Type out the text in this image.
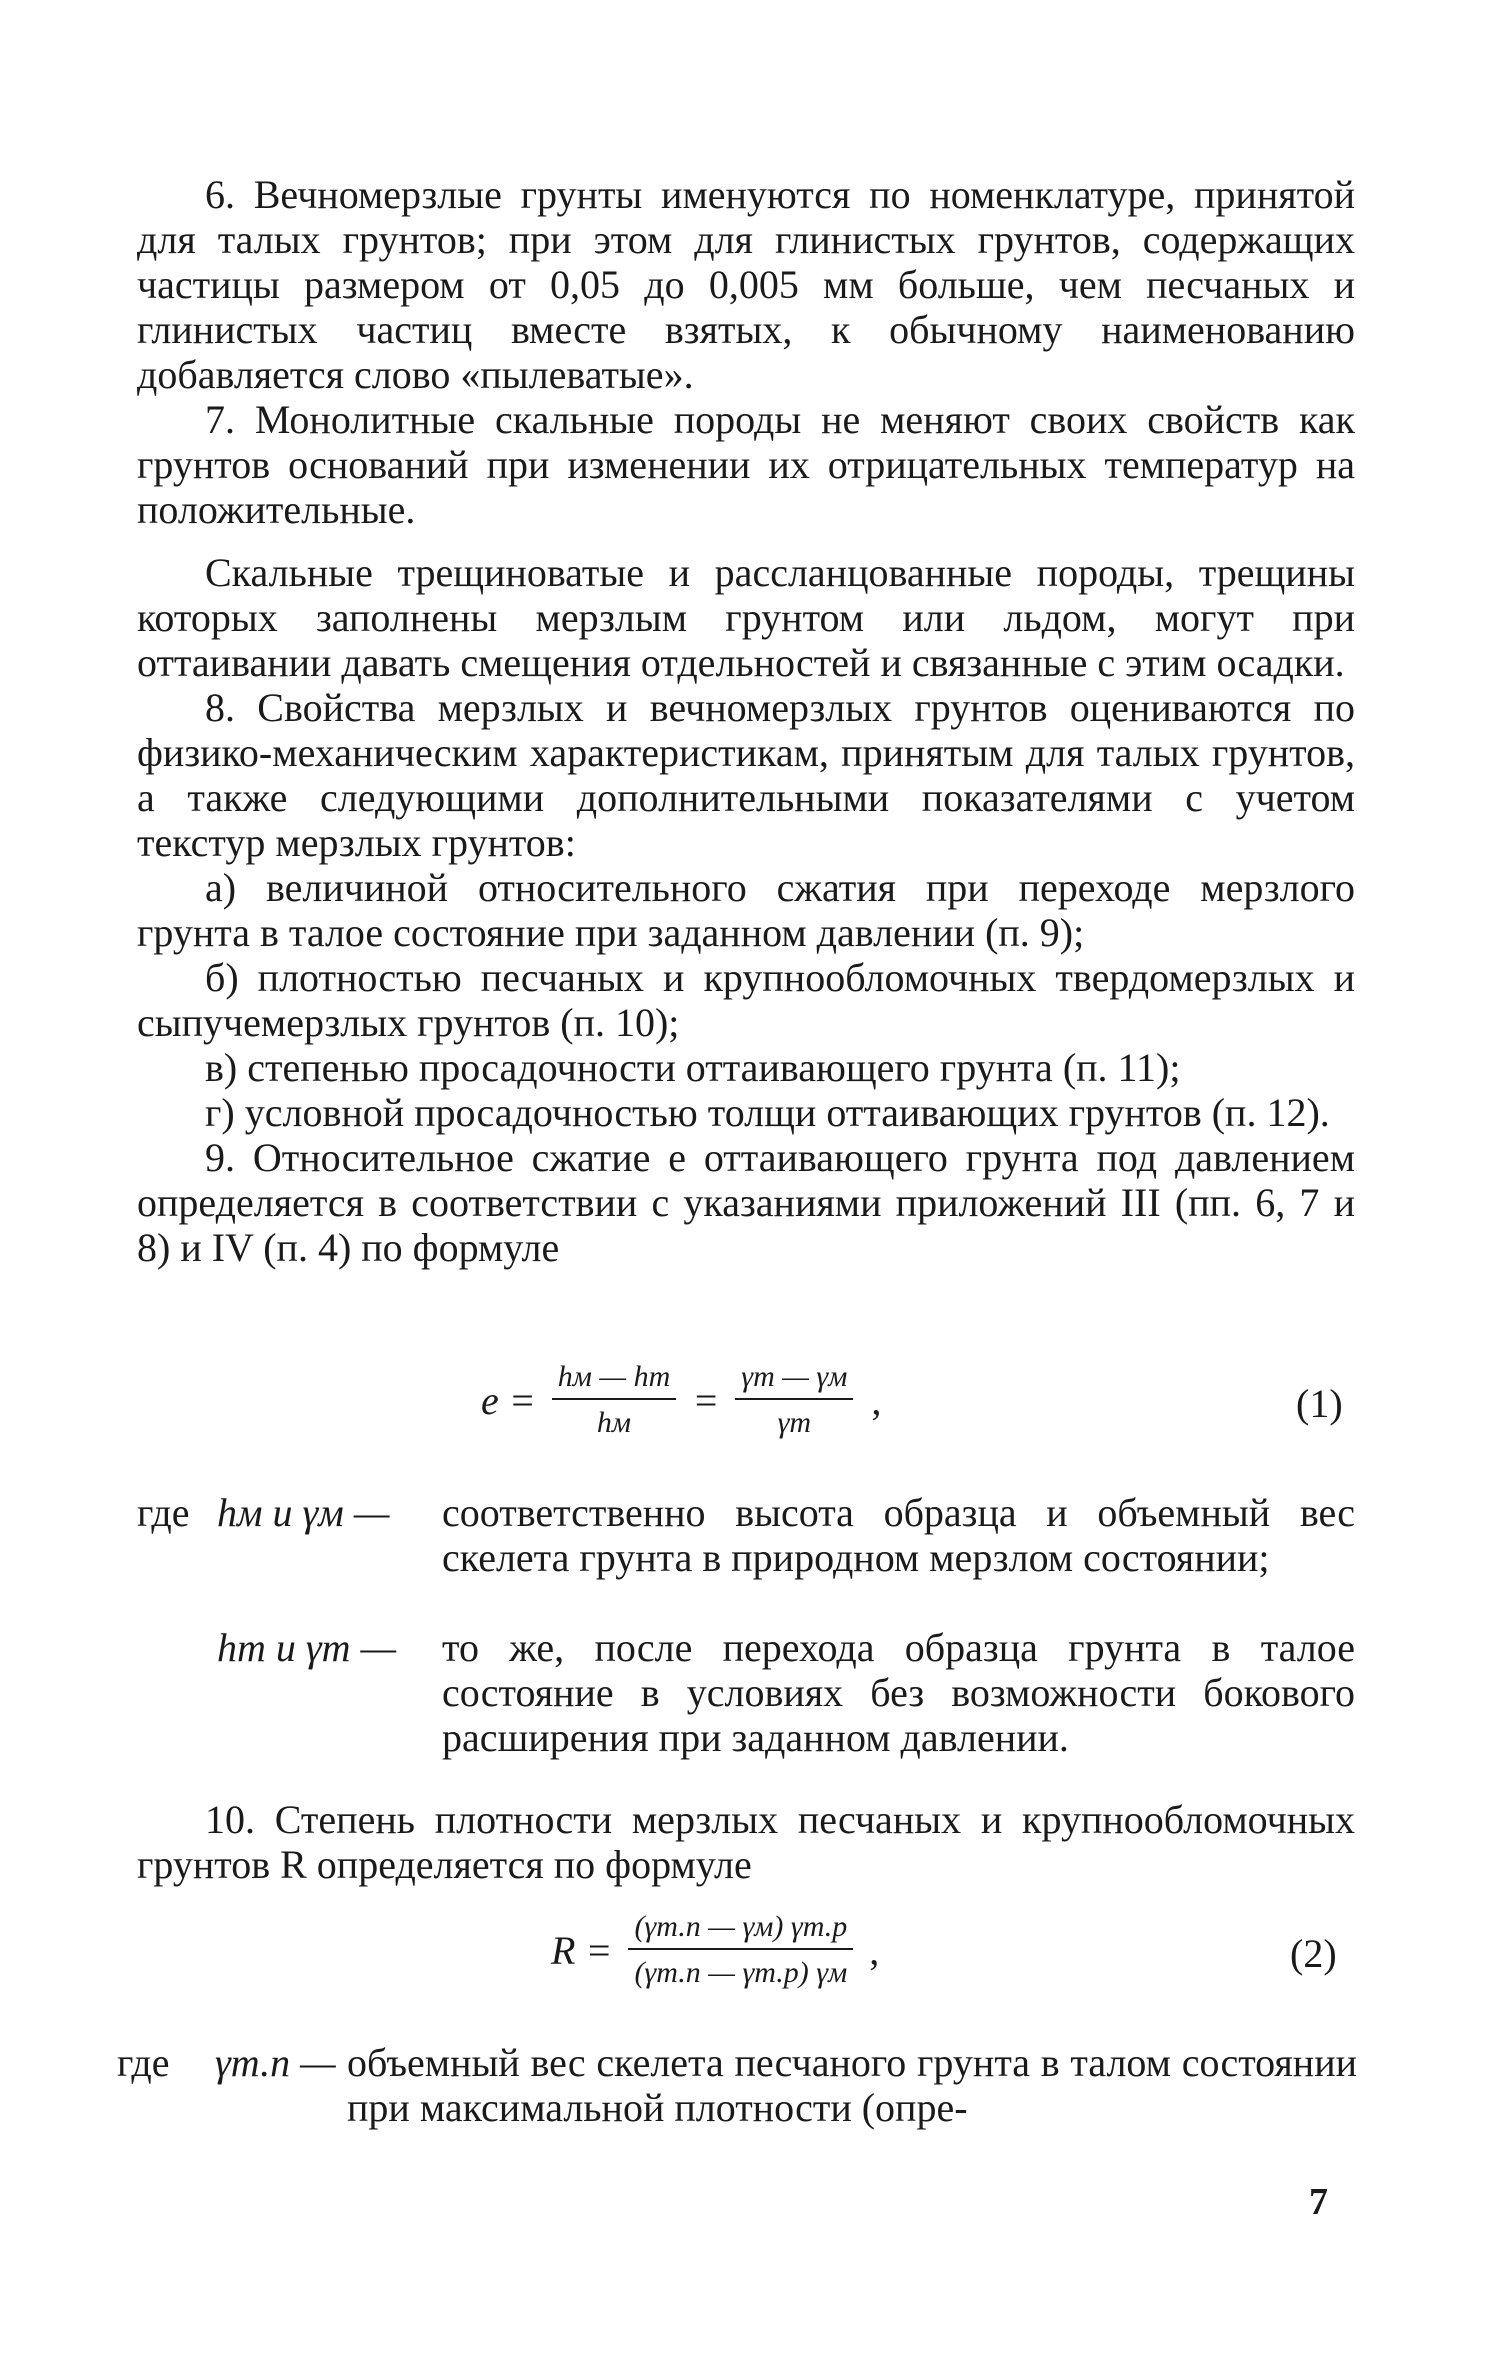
6. Вечномерзлые грунты именуются по номенклатуре, принятой для талых грунтов; при этом для глинистых грунтов, содержащих частицы размером от 0,05 до 0,005 мм больше, чем песчаных и глинистых частиц вместе взятых, к обычному наименованию добавляется слово «пылеватые».

7. Монолитные скальные породы не меняют своих свойств как грунтов оснований при изменении их отрицательных температур на положительные.

Скальные трещиноватые и рассланцованные породы, трещины которых заполнены мерзлым грунтом или льдом, могут при оттаивании давать смещения отдельностей и связанные с этим осадки.

8. Свойства мерзлых и вечномерзлых грунтов оцениваются по физико-механическим характеристикам, принятым для талых грунтов, а также следующими дополнительными показателями с учетом текстур мерзлых грунтов:

а) величиной относительного сжатия при переходе мерзлого грунта в талое состояние при заданном давлении (п. 9);

б) плотностью песчаных и крупнообломочных твердомерзлых и сыпучемерзлых грунтов (п. 10);

в) степенью просадочности оттаивающего грунта (п. 11);

г) условной просадочностью толщи оттаивающих грунтов (п. 12).

9. Относительное сжатие e оттаивающего грунта под давлением определяется в соответствии с указаниями приложений III (пп. 6, 7 и 8) и IV (п. 4) по формуле

$e = \frac{hм — hт}{hм} = \frac{\gamma т — \gamma м}{\gamma т}$ ,	(1)
где hм и γм — соответственно высота образца и объемный вес скелета грунта в природном мерзлом состоянии;
hт и γт — то же, после перехода образца грунта в талое состояние в условиях без возможности бокового расширения при заданном давлении.

10. Степень плотности мерзлых песчаных и крупнообломочных грунтов R определяется по формуле

$R = \frac{(\gamma т.п — \gamma м) \gamma т.р}{(\gamma т.п — \gamma т.р) \gamma м}$ ,	(2)
где γт.п — объемный вес скелета песчаного грунта в талом состоянии при максимальной плотности (опре-
7
